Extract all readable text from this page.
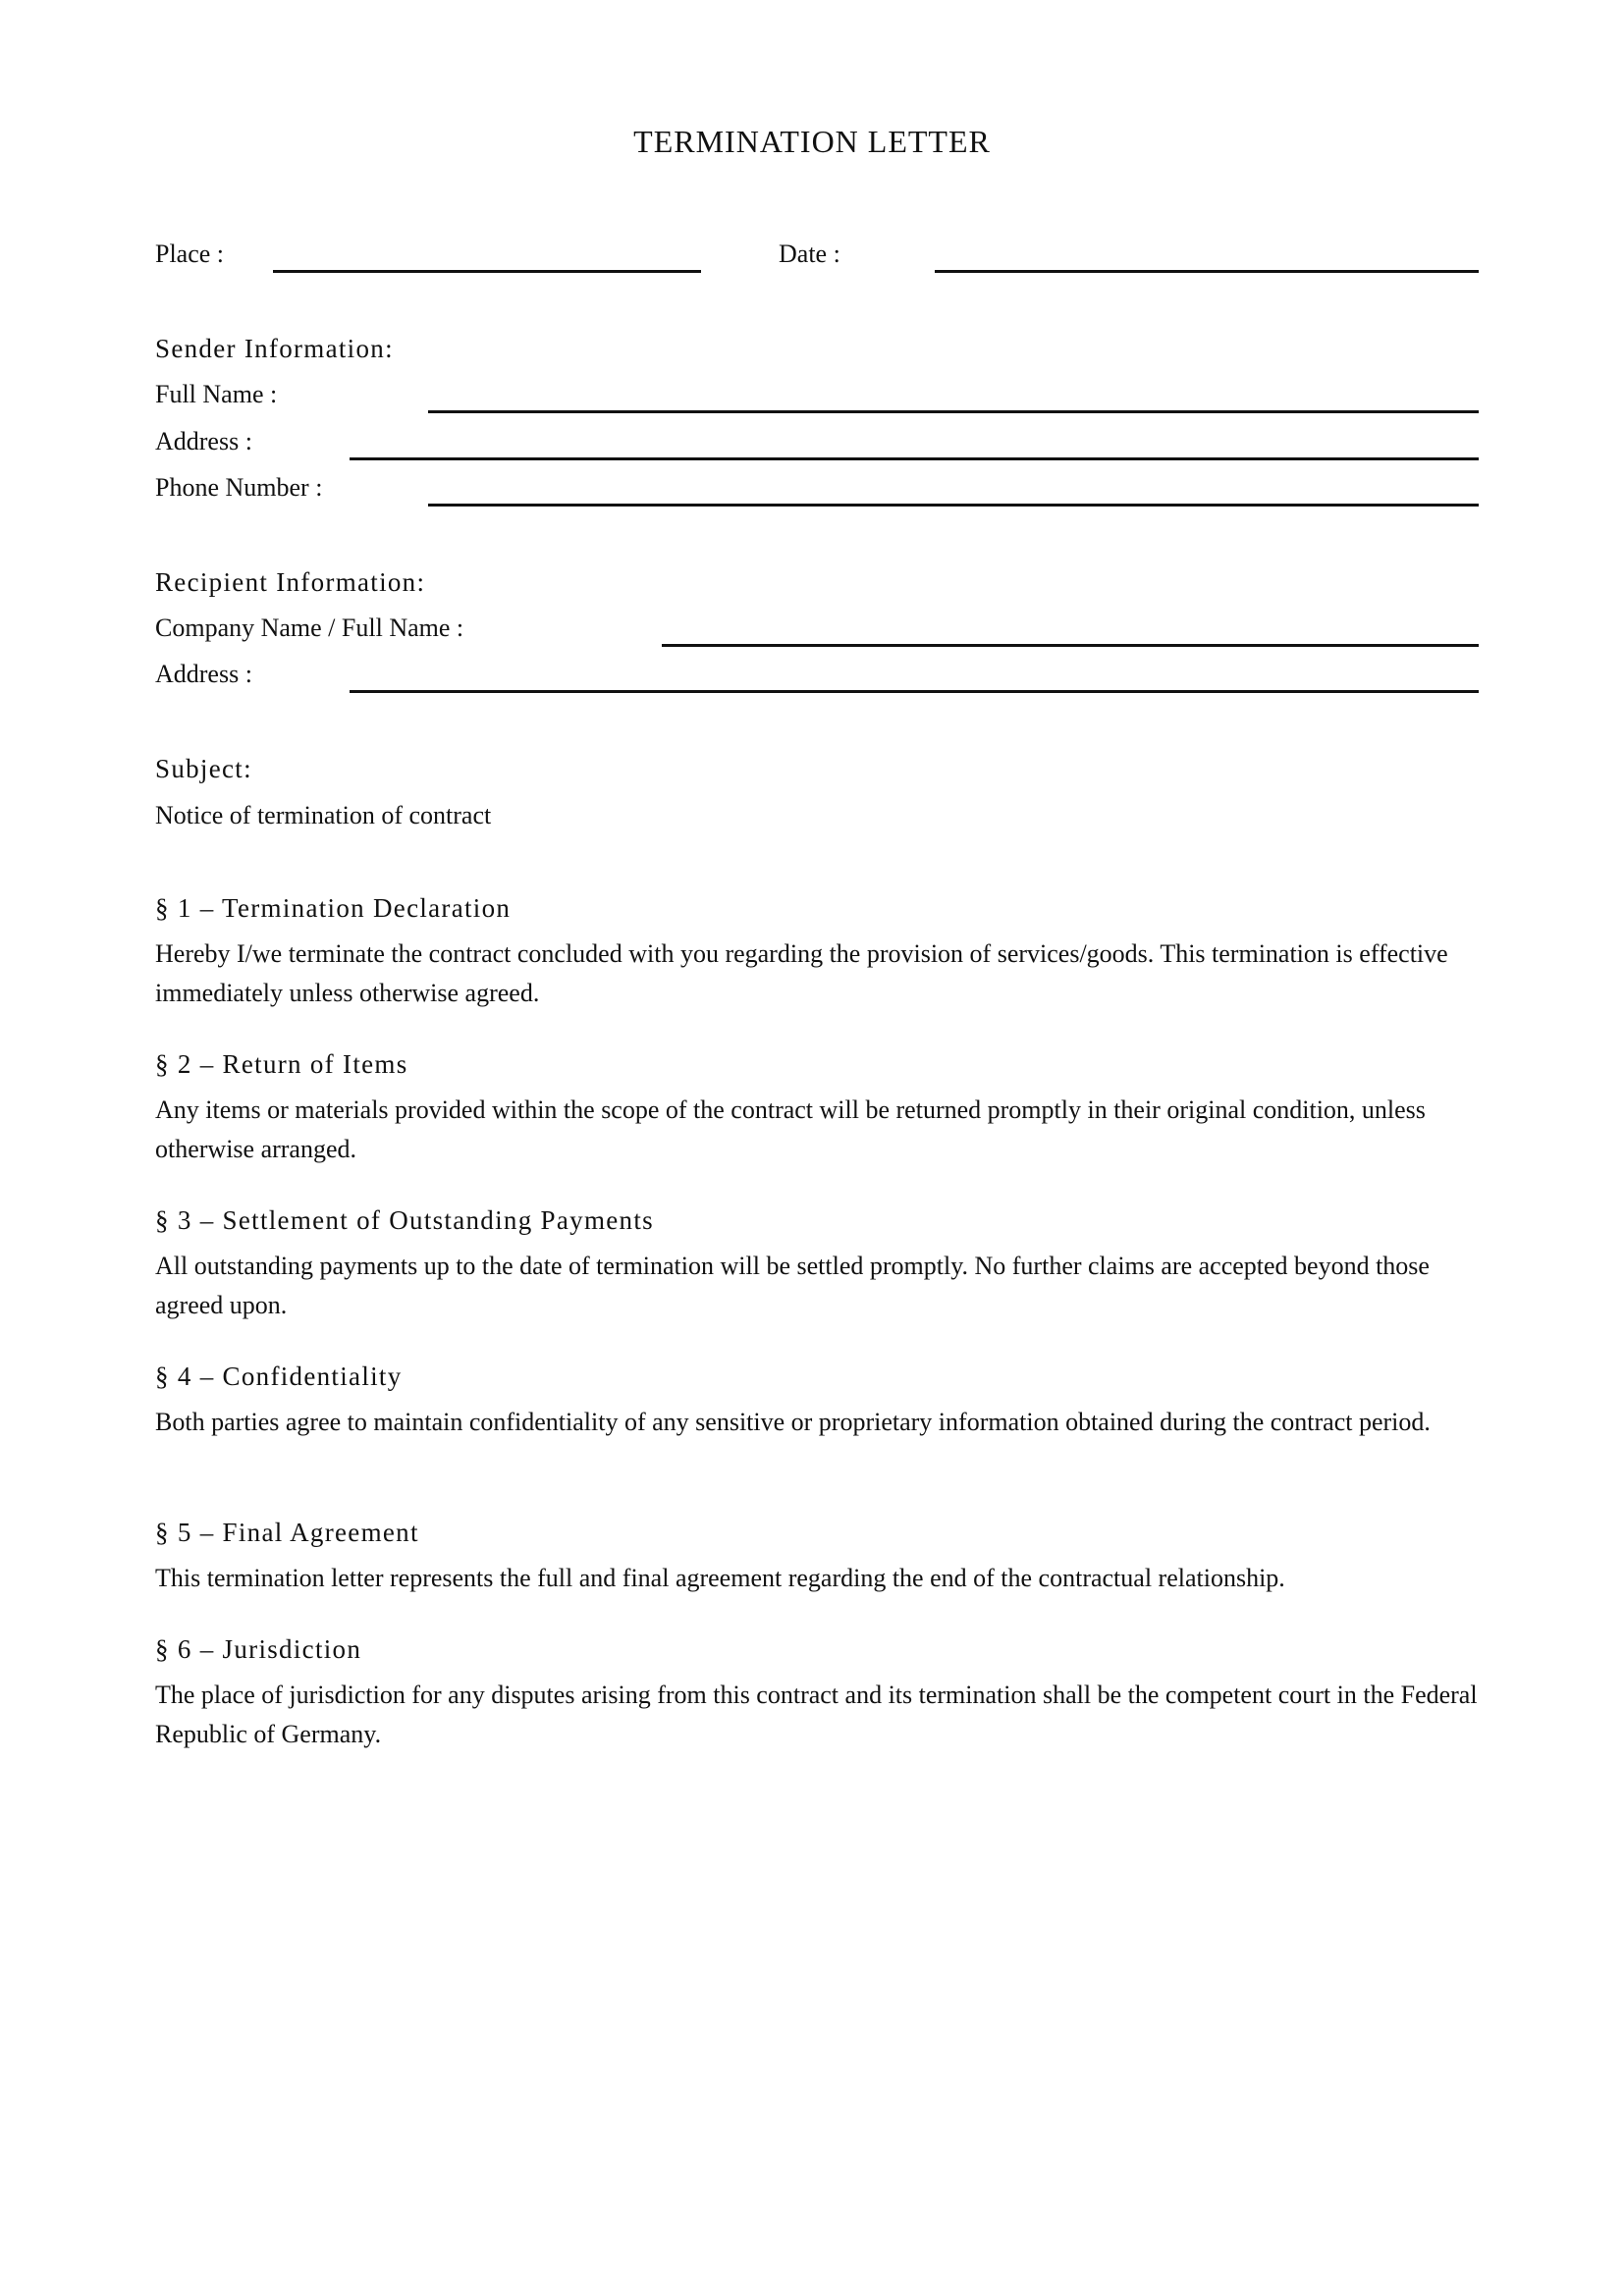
TERMINATION LETTER
Place :	Date :
Sender Information:
Full Name :
Address :
Phone Number :
Recipient Information:
Company Name / Full Name :
Address :
Subject:
Notice of termination of contract
§ 1 – Termination Declaration
Hereby I/we terminate the contract concluded with you regarding the provision of services/goods. This termination is effective immediately unless otherwise agreed.
§ 2 – Return of Items
Any items or materials provided within the scope of the contract will be returned promptly in their original condition, unless otherwise arranged.
§ 3 – Settlement of Outstanding Payments
All outstanding payments up to the date of termination will be settled promptly. No further claims are accepted beyond those agreed upon.
§ 4 – Confidentiality
Both parties agree to maintain confidentiality of any sensitive or proprietary information obtained during the contract period.
§ 5 – Final Agreement
This termination letter represents the full and final agreement regarding the end of the contractual relationship.
§ 6 – Jurisdiction
The place of jurisdiction for any disputes arising from this contract and its termination shall be the competent court in the Federal Republic of Germany.
